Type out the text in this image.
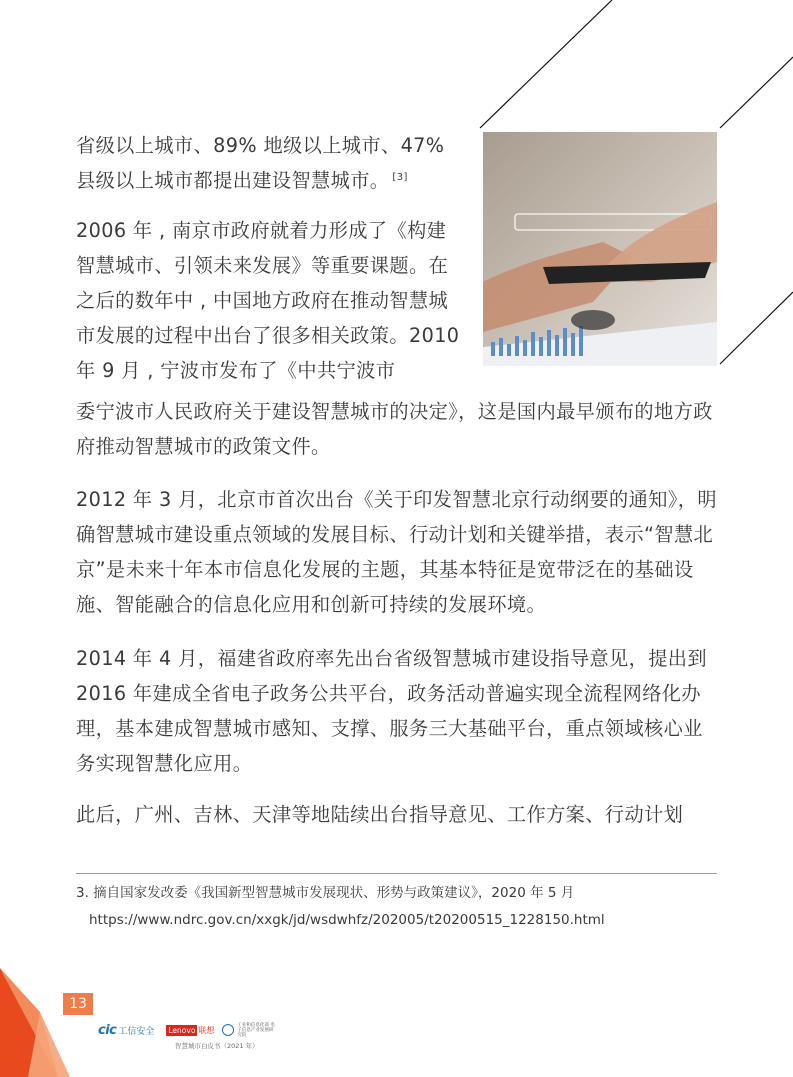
省级以上城市、89% 地级以上城市、47% 县级以上城市都提出建设智慧城市。 [3]

2006 年 , 南京市政府就着力形成了《构建智慧城市、引领未来发展》等重要课题。在之后的数年中 , 中国地方政府在推动智慧城市发展的过程中出台了很多相关政策。2010 年 9 月 , 宁波市发布了《中共宁波市

委宁波市人民政府关于建设智慧城市的决定》，这是国内最早颁布的地方政府推动智慧城市的政策文件。

2012 年 3 月，北京市首次出台《关于印发智慧北京行动纲要的通知》，明确智慧城市建设重点领域的发展目标、行动计划和关键举措，表示“智慧北京”是未来十年本市信息化发展的主题，其基本特征是宽带泛在的基础设施、智能融合的信息化应用和创新可持续的发展环境。

2014 年 4 月，福建省政府率先出台省级智慧城市建设指导意见，提出到 2016 年建成全省电子政务公共平台，政务活动普遍实现全流程网络化办理，基本建成智慧城市感知、支撑、服务三大基础平台，重点领域核心业务实现智慧化应用。

此后，广州、吉林、天津等地陆续出台指导意见、工作方案、行动计划

3. 摘自国家发改委《我国新型智慧城市发展现状、形势与政策建议》，2020 年 5 月
https://www.ndrc.gov.cn/xxgk/jd/wsdwhfz/202005/t20200515_1228150.html
13
cic 工信安全 Lenovo 联想
工业和信息化部 电子信息产业发展研究院
智慧城市白皮书（2021 年）
